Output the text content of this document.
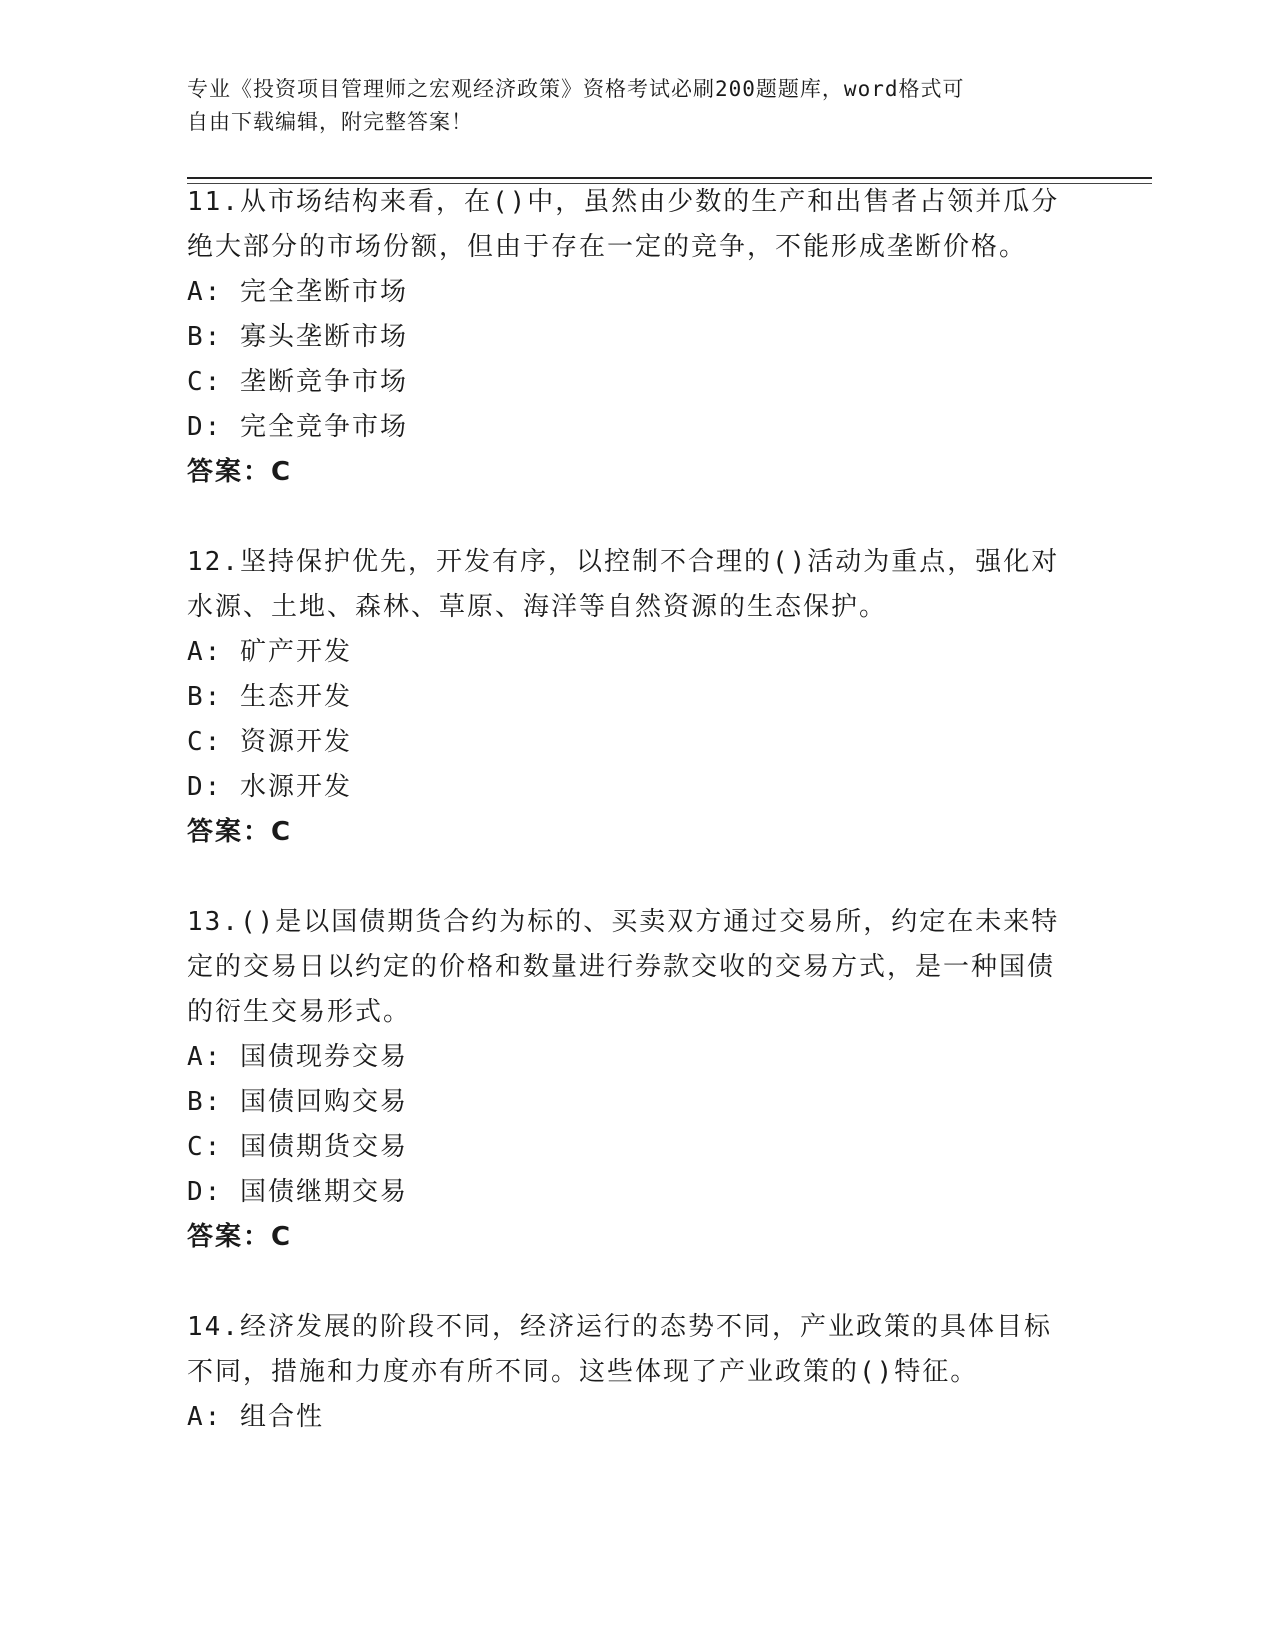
专业《投资项目管理师之宏观经济政策》资格考试必刷200题题库，word格式可
自由下载编辑，附完整答案！
11.从市场结构来看，在()中，虽然由少数的生产和出售者占领并瓜分绝大部分的市场份额，但由于存在一定的竞争，不能形成垄断价格。
A: 完全垄断市场
B: 寡头垄断市场
C: 垄断竞争市场
D: 完全竞争市场
答案：C
12.坚持保护优先，开发有序，以控制不合理的()活动为重点，强化对水源、土地、森林、草原、海洋等自然资源的生态保护。
A: 矿产开发
B: 生态开发
C: 资源开发
D: 水源开发
答案：C
13.()是以国债期货合约为标的、买卖双方通过交易所，约定在未来特定的交易日以约定的价格和数量进行券款交收的交易方式，是一种国债的衍生交易形式。
A: 国债现券交易
B: 国债回购交易
C: 国债期货交易
D: 国债继期交易
答案：C
14.经济发展的阶段不同，经济运行的态势不同，产业政策的具体目标不同，措施和力度亦有所不同。这些体现了产业政策的()特征。
A: 组合性
